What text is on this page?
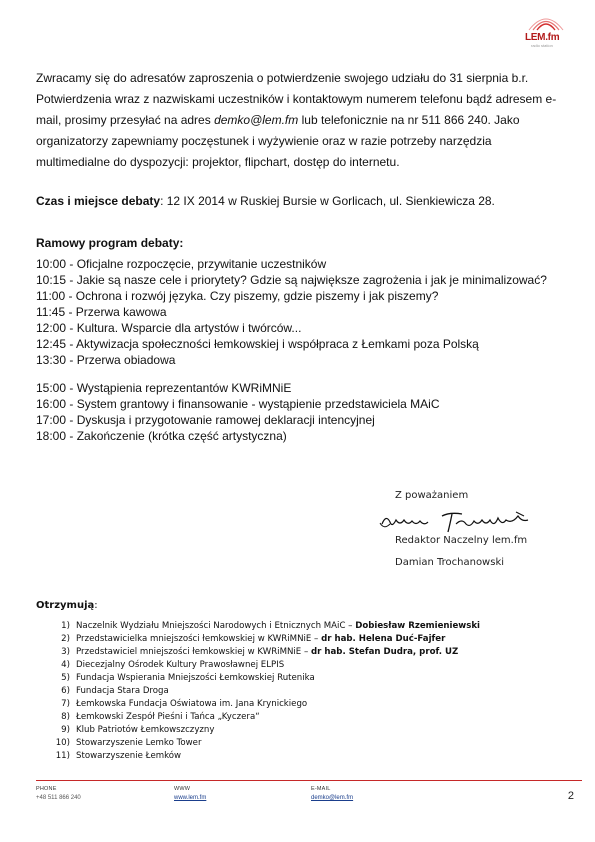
LEM.fm
radio station
Zwracamy się do adresatów zaproszenia o potwierdzenie swojego udziału do 31 sierpnia b.r. Potwierdzenia wraz z nazwiskami uczestników i kontaktowym numerem telefonu bądź adresem e-mail, prosimy przesyłać na adres demko@lem.fm lub telefonicznie na nr 511 866 240. Jako organizatorzy zapewniamy poczęstunek i wyżywienie oraz w razie potrzeby narzędzia multimedialne do dyspozycji: projektor, flipchart, dostęp do internetu.
Czas i miejsce debaty: 12 IX 2014 w Ruskiej Bursie w Gorlicach, ul. Sienkiewicza 28.
Ramowy program debaty:
10:00 - Oficjalne rozpoczęcie, przywitanie uczestników
10:15 - Jakie są nasze cele i priorytety? Gdzie są największe zagrożenia i jak je minimalizować?
11:00 - Ochrona i rozwój języka. Czy piszemy, gdzie piszemy i jak piszemy?
11:45 - Przerwa kawowa
12:00 - Kultura. Wsparcie dla artystów i twórców...
12:45 - Aktywizacja społeczności łemkowskiej i współpraca z Łemkami poza Polską
13:30 - Przerwa obiadowa
15:00 - Wystąpienia reprezentantów KWRiMNiE
16:00 - System grantowy i finansowanie - wystąpienie przedstawiciela MAiC
17:00 - Dyskusja i przygotowanie ramowej deklaracji intencyjnej
18:00 - Zakończenie (krótka część artystyczna)
Z poważaniem
Redaktor Naczelny lem.fm
Damian Trochanowski
Otrzymują:
1) Naczelnik Wydziału Mniejszości Narodowych i Etnicznych MAiC – Dobiesław Rzemieniewski
2) Przedstawicielka mniejszości łemkowskiej w KWRiMNiE – dr hab. Helena Duć-Fajfer
3) Przedstawiciel mniejszości łemkowskiej w KWRiMNiE – dr hab. Stefan Dudra, prof. UZ
4) Diecezjalny Ośrodek Kultury Prawosławnej ELPIS
5) Fundacja Wspierania Mniejszości Łemkowskiej Rutenika
6) Fundacja Stara Droga
7) Łemkowska Fundacja Oświatowa im. Jana Krynickiego
8) Łemkowski Zespół Pieśni i Tańca „Kyczera“
9) Klub Patriotów Łemkowszczyzny
10) Stowarzyszenie Lemko Tower
11) Stowarzyszenie Łemków
PHONE
+48 511 866 240
WWW
www.lem.fm
E-MAIL
demko@lem.fm	2
